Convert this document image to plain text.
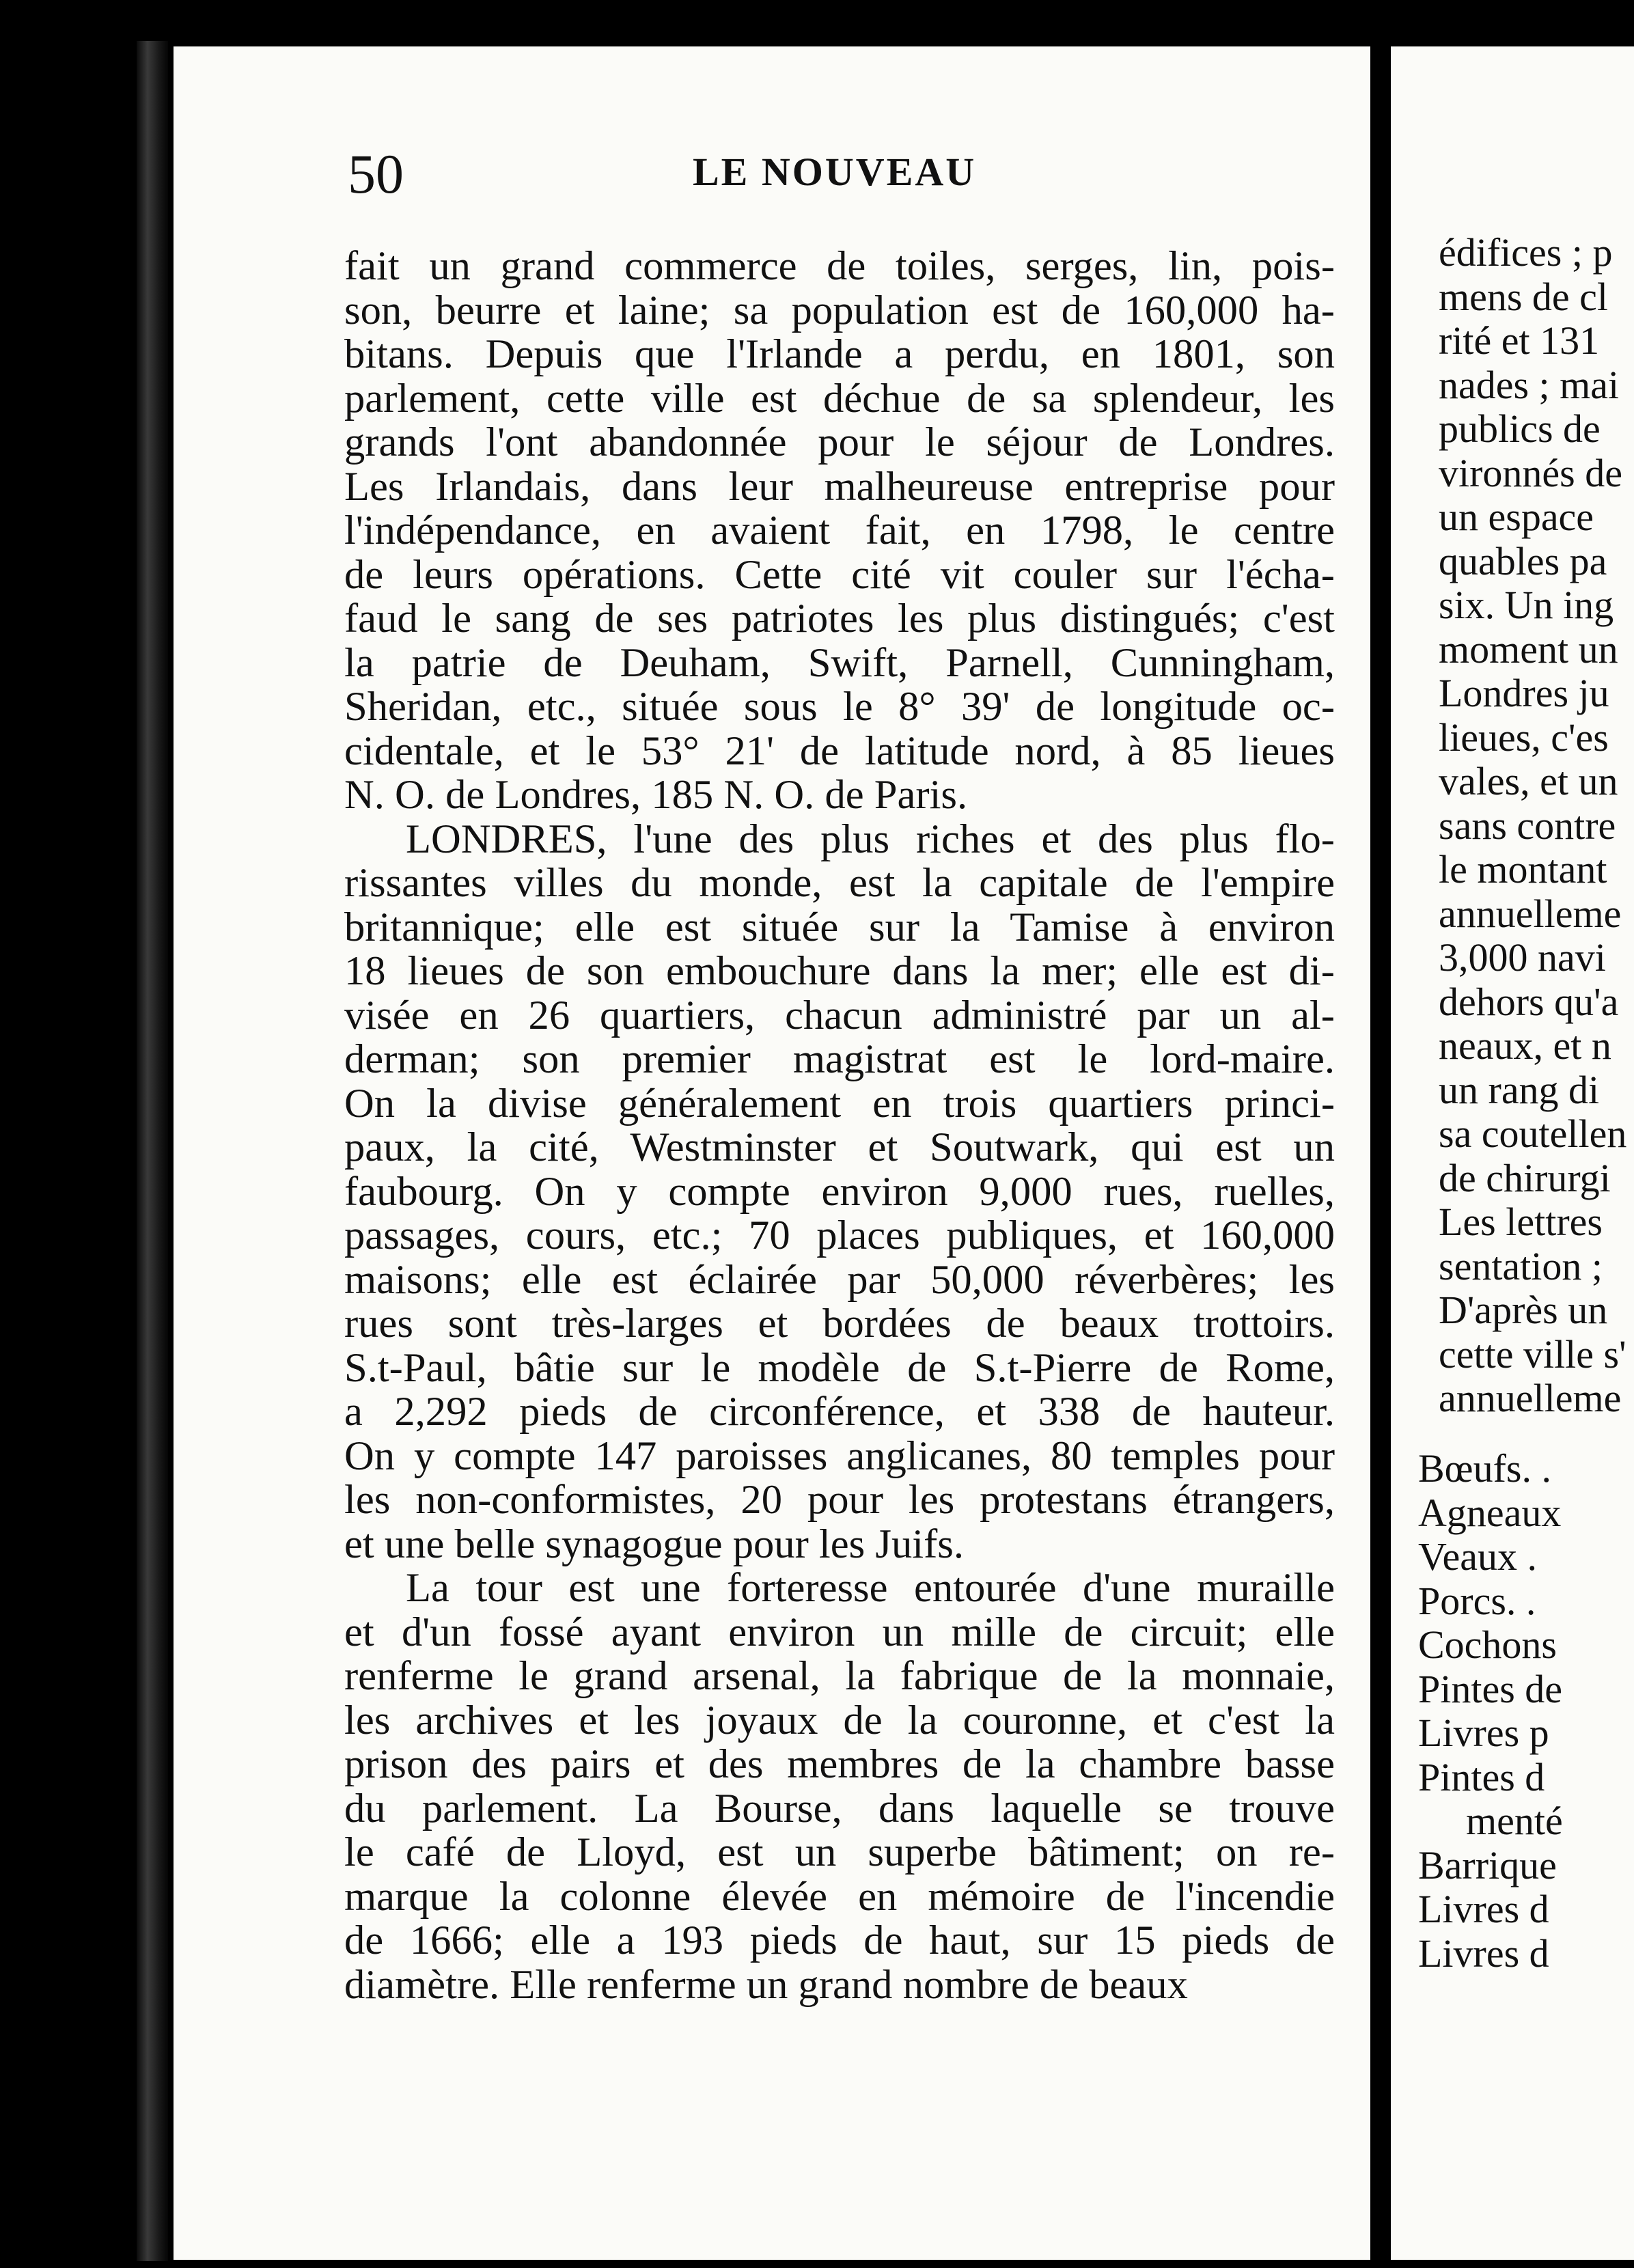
50	LE NOUVEAU
fait un grand commerce de toiles, serges, lin, pois-
son, beurre et laine; sa population est de 160,000 ha-
bitans. Depuis que l'Irlande a perdu, en 1801, son
parlement, cette ville est déchue de sa splendeur, les
grands l'ont abandonnée pour le séjour de Londres.
Les Irlandais, dans leur malheureuse entreprise pour
l'indépendance, en avaient fait, en 1798, le centre
de leurs opérations. Cette cité vit couler sur l'écha-
faud le sang de ses patriotes les plus distingués; c'est
la patrie de Deuham, Swift, Parnell, Cunningham,
Sheridan, etc., située sous le 8° 39' de longitude oc-
cidentale, et le 53° 21' de latitude nord, à 85 lieues
N. O. de Londres, 185 N. O. de Paris.
LONDRES, l'une des plus riches et des plus flo-
rissantes villes du monde, est la capitale de l'empire
britannique; elle est située sur la Tamise à environ
18 lieues de son embouchure dans la mer; elle est di-
visée en 26 quartiers, chacun administré par un al-
derman; son premier magistrat est le lord-maire.
On la divise généralement en trois quartiers princi-
paux, la cité, Westminster et Soutwark, qui est un
faubourg. On y compte environ 9,000 rues, ruelles,
passages, cours, etc.; 70 places publiques, et 160,000
maisons; elle est éclairée par 50,000 réverbères; les
rues sont très-larges et bordées de beaux trottoirs.
S.t-Paul, bâtie sur le modèle de S.t-Pierre de Rome,
a 2,292 pieds de circonférence, et 338 de hauteur.
On y compte 147 paroisses anglicanes, 80 temples pour
les non-conformistes, 20 pour les protestans étrangers,
et une belle synagogue pour les Juifs.
La tour est une forteresse entourée d'une muraille
et d'un fossé ayant environ un mille de circuit; elle
renferme le grand arsenal, la fabrique de la monnaie,
les archives et les joyaux de la couronne, et c'est la
prison des pairs et des membres de la chambre basse
du parlement. La Bourse, dans laquelle se trouve
le café de Lloyd, est un superbe bâtiment; on re-
marque la colonne élevée en mémoire de l'incendie
de 1666; elle a 193 pieds de haut, sur 15 pieds de
diamètre. Elle renferme un grand nombre de beaux
édifices ; p
mens de cl
rité et 131
nades ; mai
publics de
vironnés de
un espace
quables pa
six. Un ing
moment un
Londres ju
lieues, c'es
vales, et un
sans contre
le montant
annuelleme
3,000 navi
dehors qu'a
neaux, et n
un rang di
sa coutellen
de chirurgi
Les lettres
sentation ;
D'après un
cette ville s'
annuelleme
Bœufs. .
Agneaux
Veaux .
Porcs. .
Cochons
Pintes de
Livres p
Pintes d
menté
Barrique
Livres d
Livres d
